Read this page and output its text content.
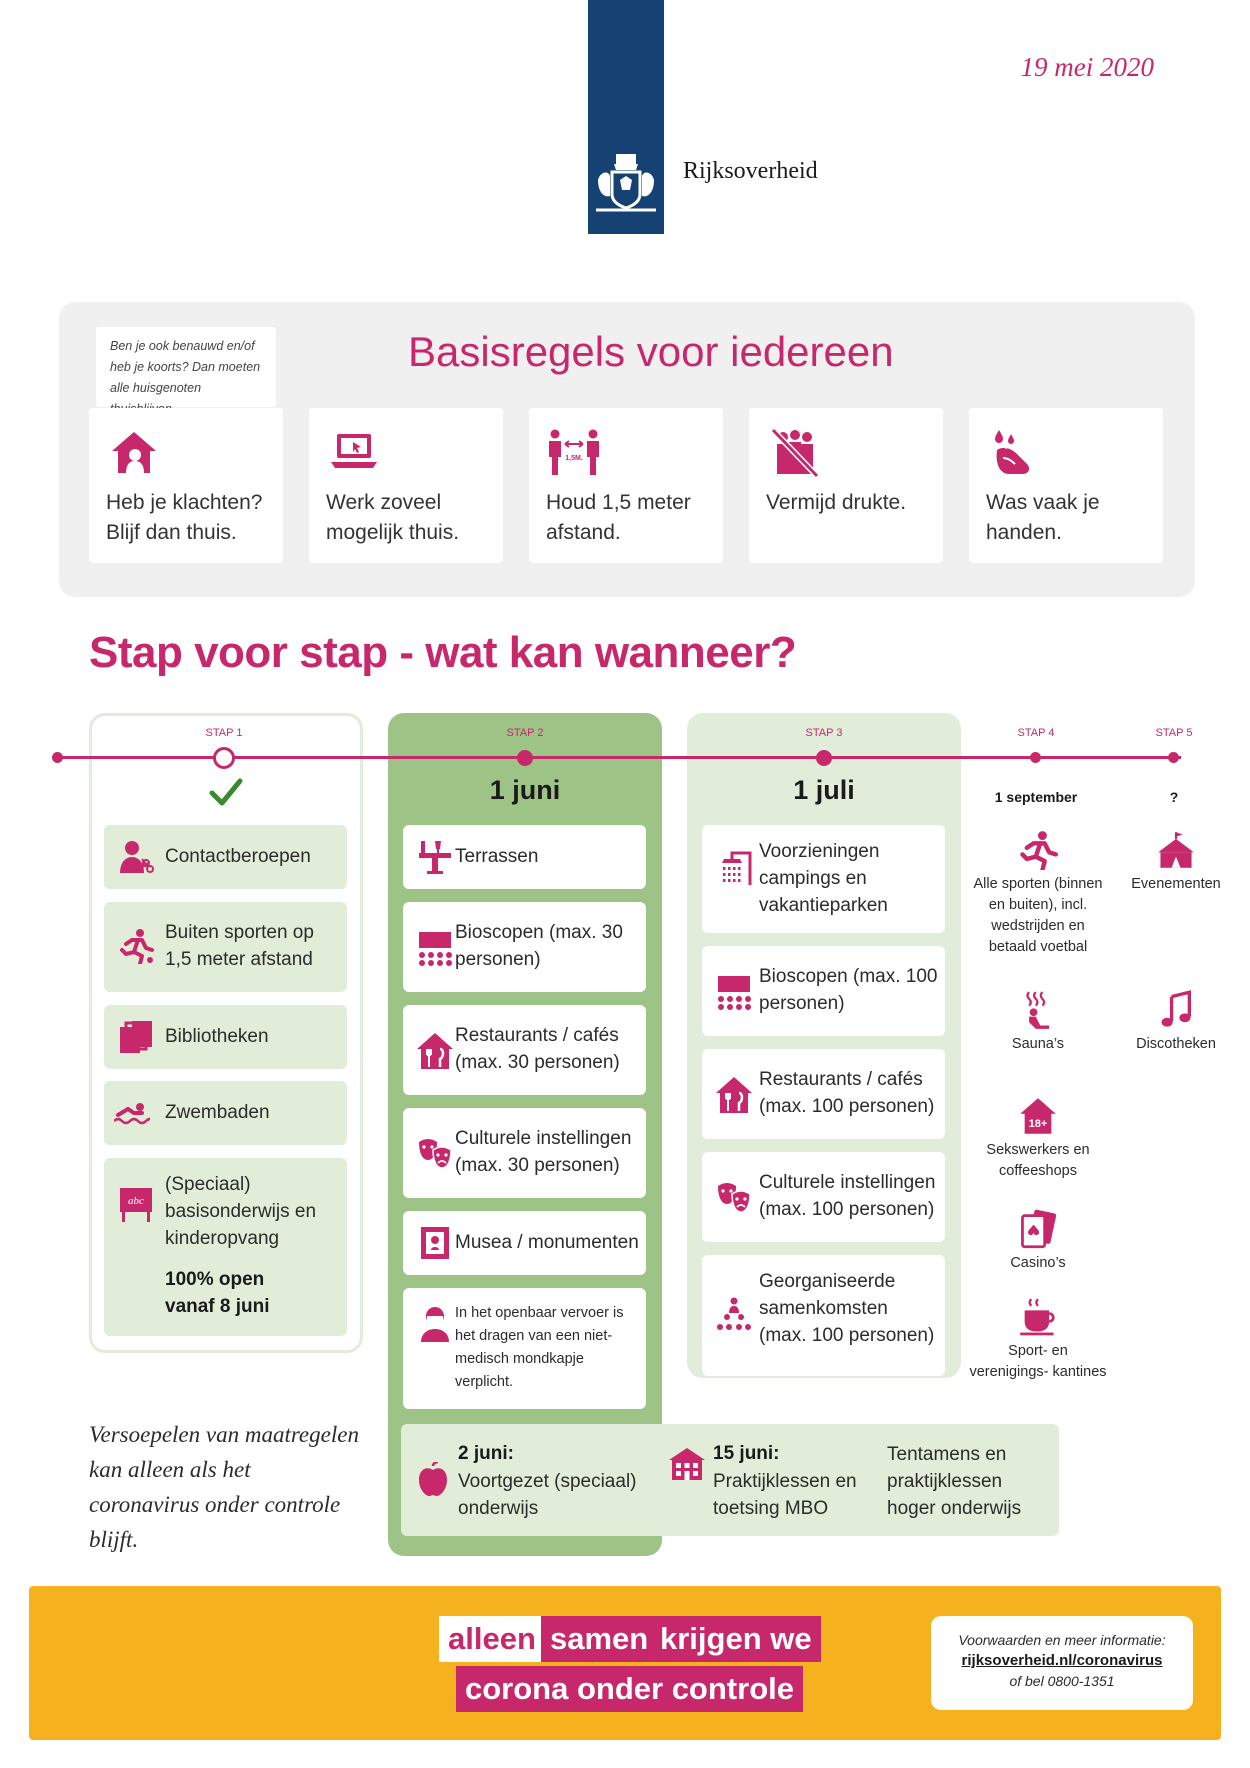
Rijksoverheid
19 mei 2020
Ben je ook benauwd en/of heb je koorts? Dan moeten alle huisgenoten
Basisregels voor iedereen
Heb je klachten? Blijf dan thuis.
Werk zoveel mogelijk thuis.
1,5M.
Houd 1,5 meter afstand.
Vermijd drukte.	Was vaak je handen.
Stap voor stap - wat kan wanneer?
STAP 1	STAP 2	STAP 3	STAP 4	STAP 5
1 juni	1 juli	1 september	?
Contactberoepen
Buiten sporten op 1,5 meter afstand
Bibliotheken
Zwembaden
abc
(Speciaal) basisonderwijs en kinderopvang
100% open vanaf 8 juni
Terrassen
Bioscopen (max. 30 personen)
Restaurants / cafés (max. 30 personen)
Culturele instellingen (max. 30 personen)
Musea / monumenten
In het openbaar vervoer is het dragen van een niet-medisch mondkapje verplicht.
Voorzieningen campings en vakantieparken
Bioscopen (max. 100 personen)
Restaurants / cafés (max. 100 personen)
Culturele instellingen (max. 100 personen)
Georganiseerde samenkomsten (max. 100 personen)
Alle sporten (binnen en buiten), incl. wedstrijden en betaald voetbal
Sauna’s
18+
Sekswerkers en coffeeshops
Casino’s
Sport- en verenigings- kantines
Evenementen
Discotheken
Versoepelen van maatregelen kan alleen als het coronavirus onder controle blijft.
2 juni:
Voortgezet (speciaal) onderwijs
15 juni:
Praktijklessen en toetsing MBO
Tentamens en praktijklessen hoger onderwijs
alleen samen krijgen we
corona onder controle
Voorwaarden en meer informatie:
rijksoverheid.nl/coronavirus
of bel 0800-1351
